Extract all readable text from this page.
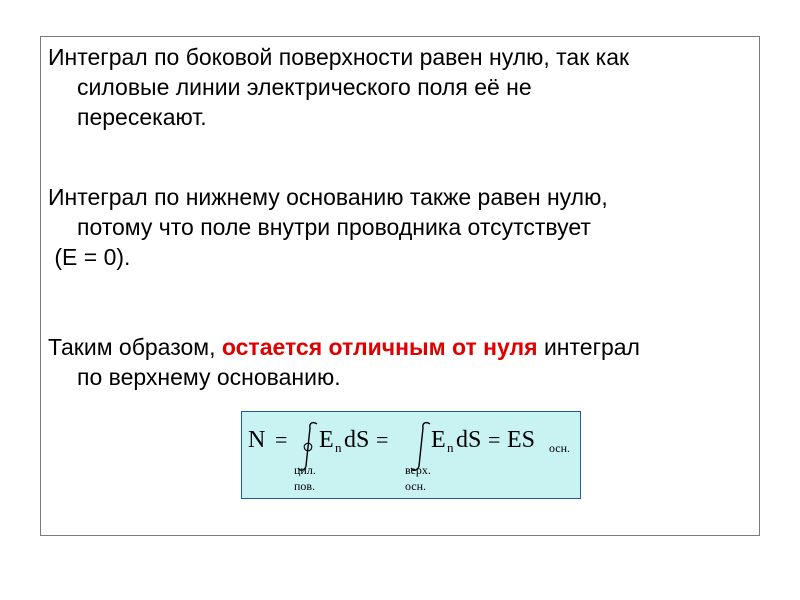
Интеграл по боковой поверхности равен нулю, так как
силовые линии электрического поля её не
пересекают.

Интеграл по нижнему основанию также равен нулю,
потому что поле внутри проводника отсутствует
(E = 0).

Таким образом, остается отличным от нуля интеграл
по верхнему основанию.

N = E n dS = E n dS = ES осн.
цил.
пов.
верх.
осн.
